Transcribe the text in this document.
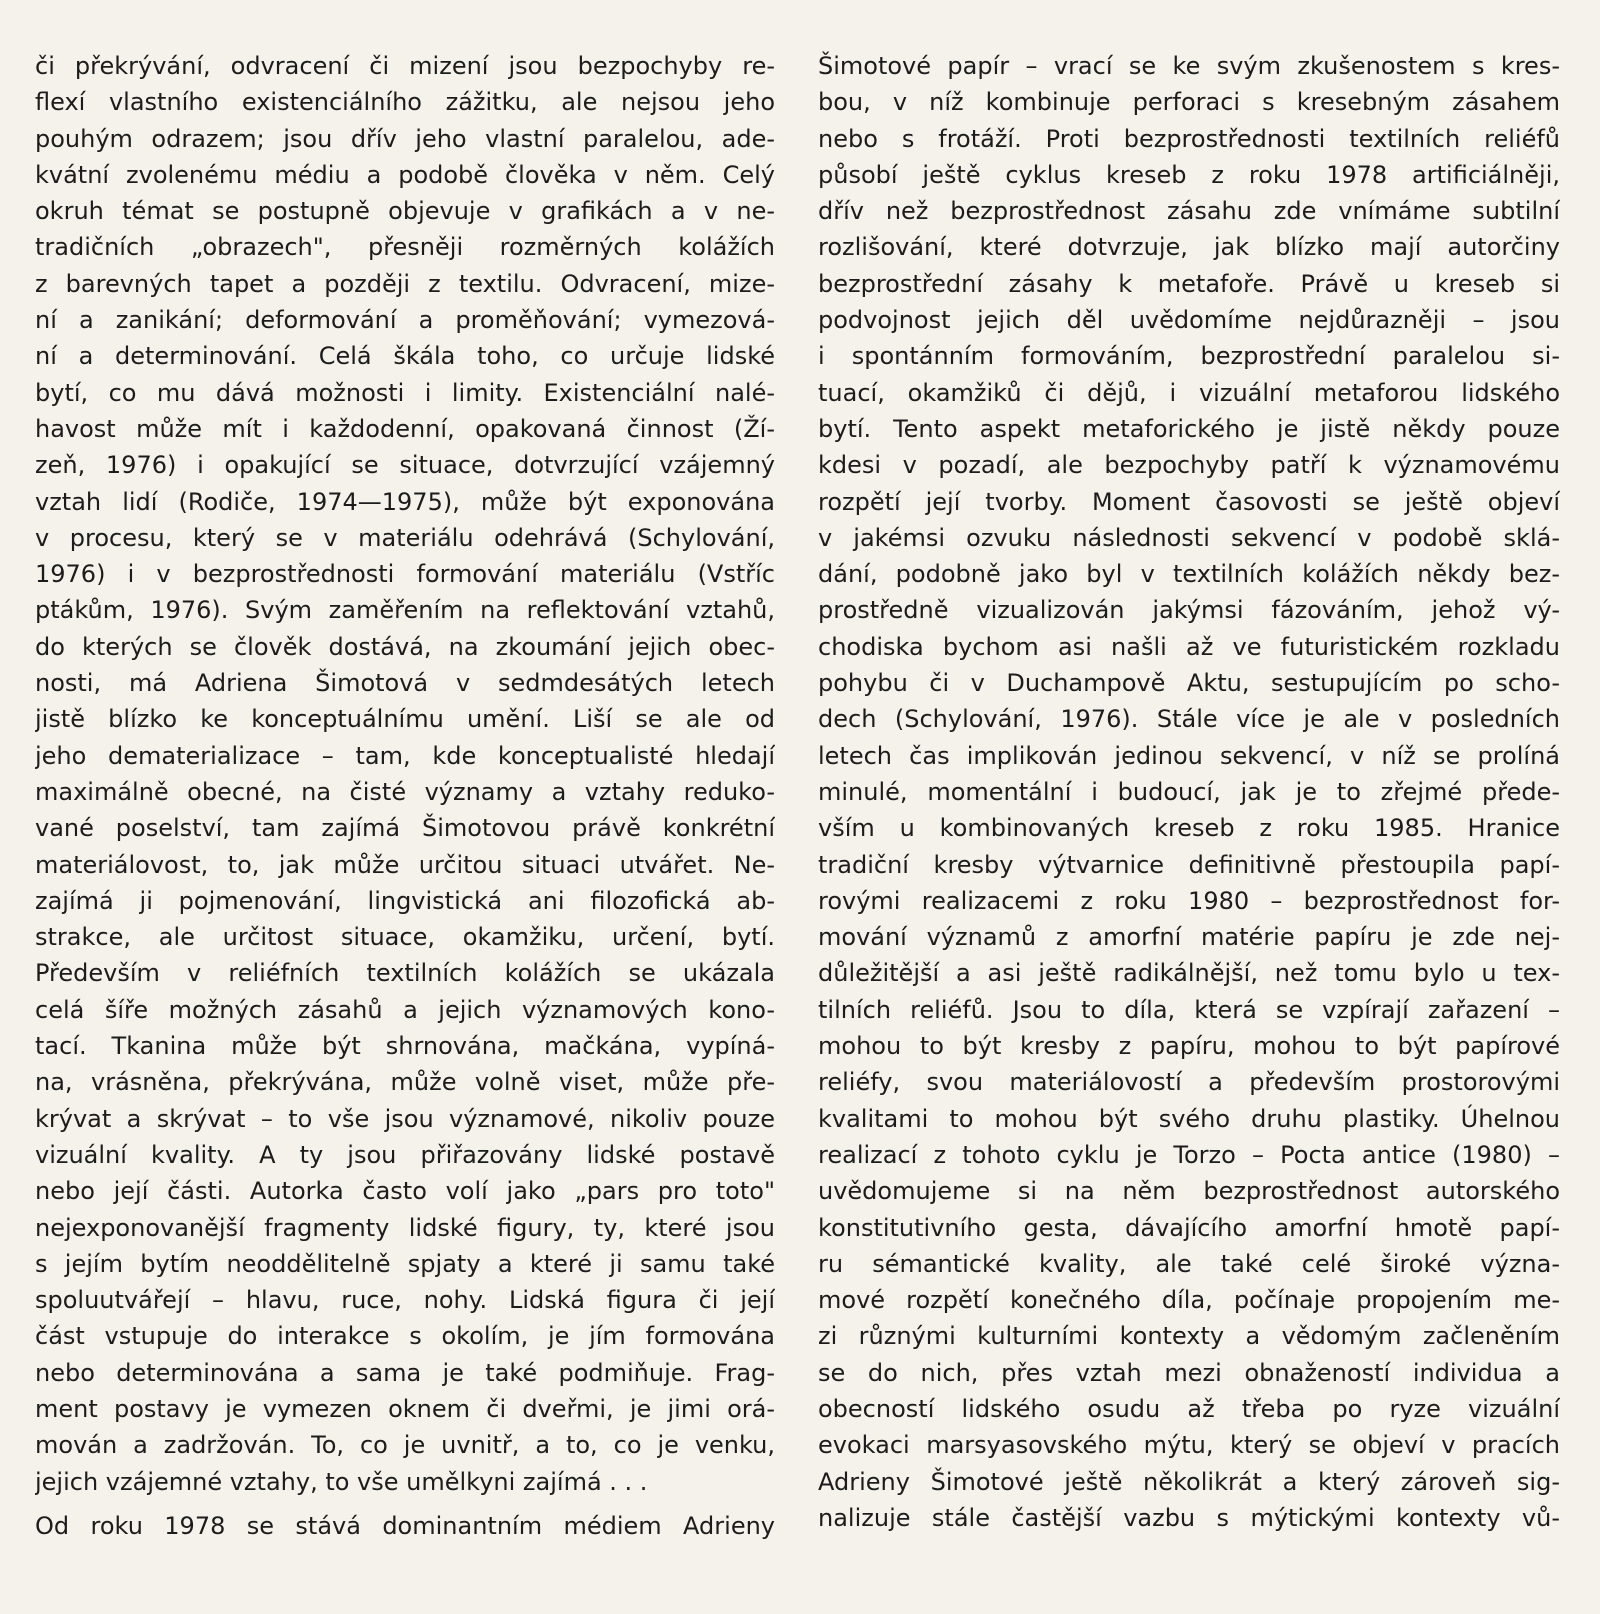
či překrývání, odvracení či mizení jsou bezpochyby re-
flexí vlastního existenciálního zážitku, ale nejsou jeho
pouhým odrazem; jsou dřív jeho vlastní paralelou, ade-
kvátní zvolenému médiu a podobě člověka v něm. Celý
okruh témat se postupně objevuje v grafikách a v ne-
tradičních „obrazech", přesněji rozměrných kolážích
z barevných tapet a později z textilu. Odvracení, mize-
ní a zanikání; deformování a proměňování; vymezová-
ní a determinování. Celá škála toho, co určuje lidské
bytí, co mu dává možnosti i limity. Existenciální nalé-
havost může mít i každodenní, opakovaná činnost (Ží-
zeň, 1976) i opakující se situace, dotvrzující vzájemný
vztah lidí (Rodiče, 1974—1975), může být exponována
v procesu, který se v materiálu odehrává (Schylování,
1976) i v bezprostřednosti formování materiálu (Vstříc
ptákům, 1976). Svým zaměřením na reflektování vztahů,
do kterých se člověk dostává, na zkoumání jejich obec-
nosti, má Adriena Šimotová v sedmdesátých letech
jistě blízko ke konceptuálnímu umění. Liší se ale od
jeho dematerializace – tam, kde konceptualisté hledají
maximálně obecné, na čisté významy a vztahy reduko-
vané poselství, tam zajímá Šimotovou právě konkrétní
materiálovost, to, jak může určitou situaci utvářet. Ne-
zajímá ji pojmenování, lingvistická ani filozofická ab-
strakce, ale určitost situace, okamžiku, určení, bytí.
Především v reliéfních textilních kolážích se ukázala
celá šíře možných zásahů a jejich významových kono-
tací. Tkanina může být shrnována, mačkána, vypíná-
na, vrásněna, překrývána, může volně viset, může pře-
krývat a skrývat – to vše jsou významové, nikoliv pouze
vizuální kvality. A ty jsou přiřazovány lidské postavě
nebo její části. Autorka často volí jako „pars pro toto"
nejexponovanější fragmenty lidské figury, ty, které jsou
s jejím bytím neoddělitelně spjaty a které ji samu také
spoluutvářejí – hlavu, ruce, nohy. Lidská figura či její
část vstupuje do interakce s okolím, je jím formována
nebo determinována a sama je také podmiňuje. Frag-
ment postavy je vymezen oknem či dveřmi, je jimi orá-
mován a zadržován. To, co je uvnitř, a to, co je venku,
jejich vzájemné vztahy, to vše umělkyni zajímá . . .
Od roku 1978 se stává dominantním médiem Adrieny
Šimotové papír – vrací se ke svým zkušenostem s kres-
bou, v níž kombinuje perforaci s kresebným zásahem
nebo s frotáží. Proti bezprostřednosti textilních reliéfů
působí ještě cyklus kreseb z roku 1978 artificiálněji,
dřív než bezprostřednost zásahu zde vnímáme subtilní
rozlišování, které dotvrzuje, jak blízko mají autorčiny
bezprostřední zásahy k metafoře. Právě u kreseb si
podvojnost jejich děl uvědomíme nejdůrazněji – jsou
i spontánním formováním, bezprostřední paralelou si-
tuací, okamžiků či dějů, i vizuální metaforou lidského
bytí. Tento aspekt metaforického je jistě někdy pouze
kdesi v pozadí, ale bezpochyby patří k významovému
rozpětí její tvorby. Moment časovosti se ještě objeví
v jakémsi ozvuku následnosti sekvencí v podobě sklá-
dání, podobně jako byl v textilních kolážích někdy bez-
prostředně vizualizován jakýmsi fázováním, jehož vý-
chodiska bychom asi našli až ve futuristickém rozkladu
pohybu či v Duchampově Aktu, sestupujícím po scho-
dech (Schylování, 1976). Stále více je ale v posledních
letech čas implikován jedinou sekvencí, v níž se prolíná
minulé, momentální i budoucí, jak je to zřejmé přede-
vším u kombinovaných kreseb z roku 1985. Hranice
tradiční kresby výtvarnice definitivně přestoupila papí-
rovými realizacemi z roku 1980 – bezprostřednost for-
mování významů z amorfní matérie papíru je zde nej-
důležitější a asi ještě radikálnější, než tomu bylo u tex-
tilních reliéfů. Jsou to díla, která se vzpírají zařazení –
mohou to být kresby z papíru, mohou to být papírové
reliéfy, svou materiálovostí a především prostorovými
kvalitami to mohou být svého druhu plastiky. Úhelnou
realizací z tohoto cyklu je Torzo – Pocta antice (1980) –
uvědomujeme si na něm bezprostřednost autorského
konstitutivního gesta, dávajícího amorfní hmotě papí-
ru sémantické kvality, ale také celé široké význa-
mové rozpětí konečného díla, počínaje propojením me-
zi různými kulturními kontexty a vědomým začleněním
se do nich, přes vztah mezi obnažeností individua a
obecností lidského osudu až třeba po ryze vizuální
evokaci marsyasovského mýtu, který se objeví v pracích
Adrieny Šimotové ještě několikrát a který zároveň sig-
nalizuje stále častější vazbu s mýtickými kontexty vů-
